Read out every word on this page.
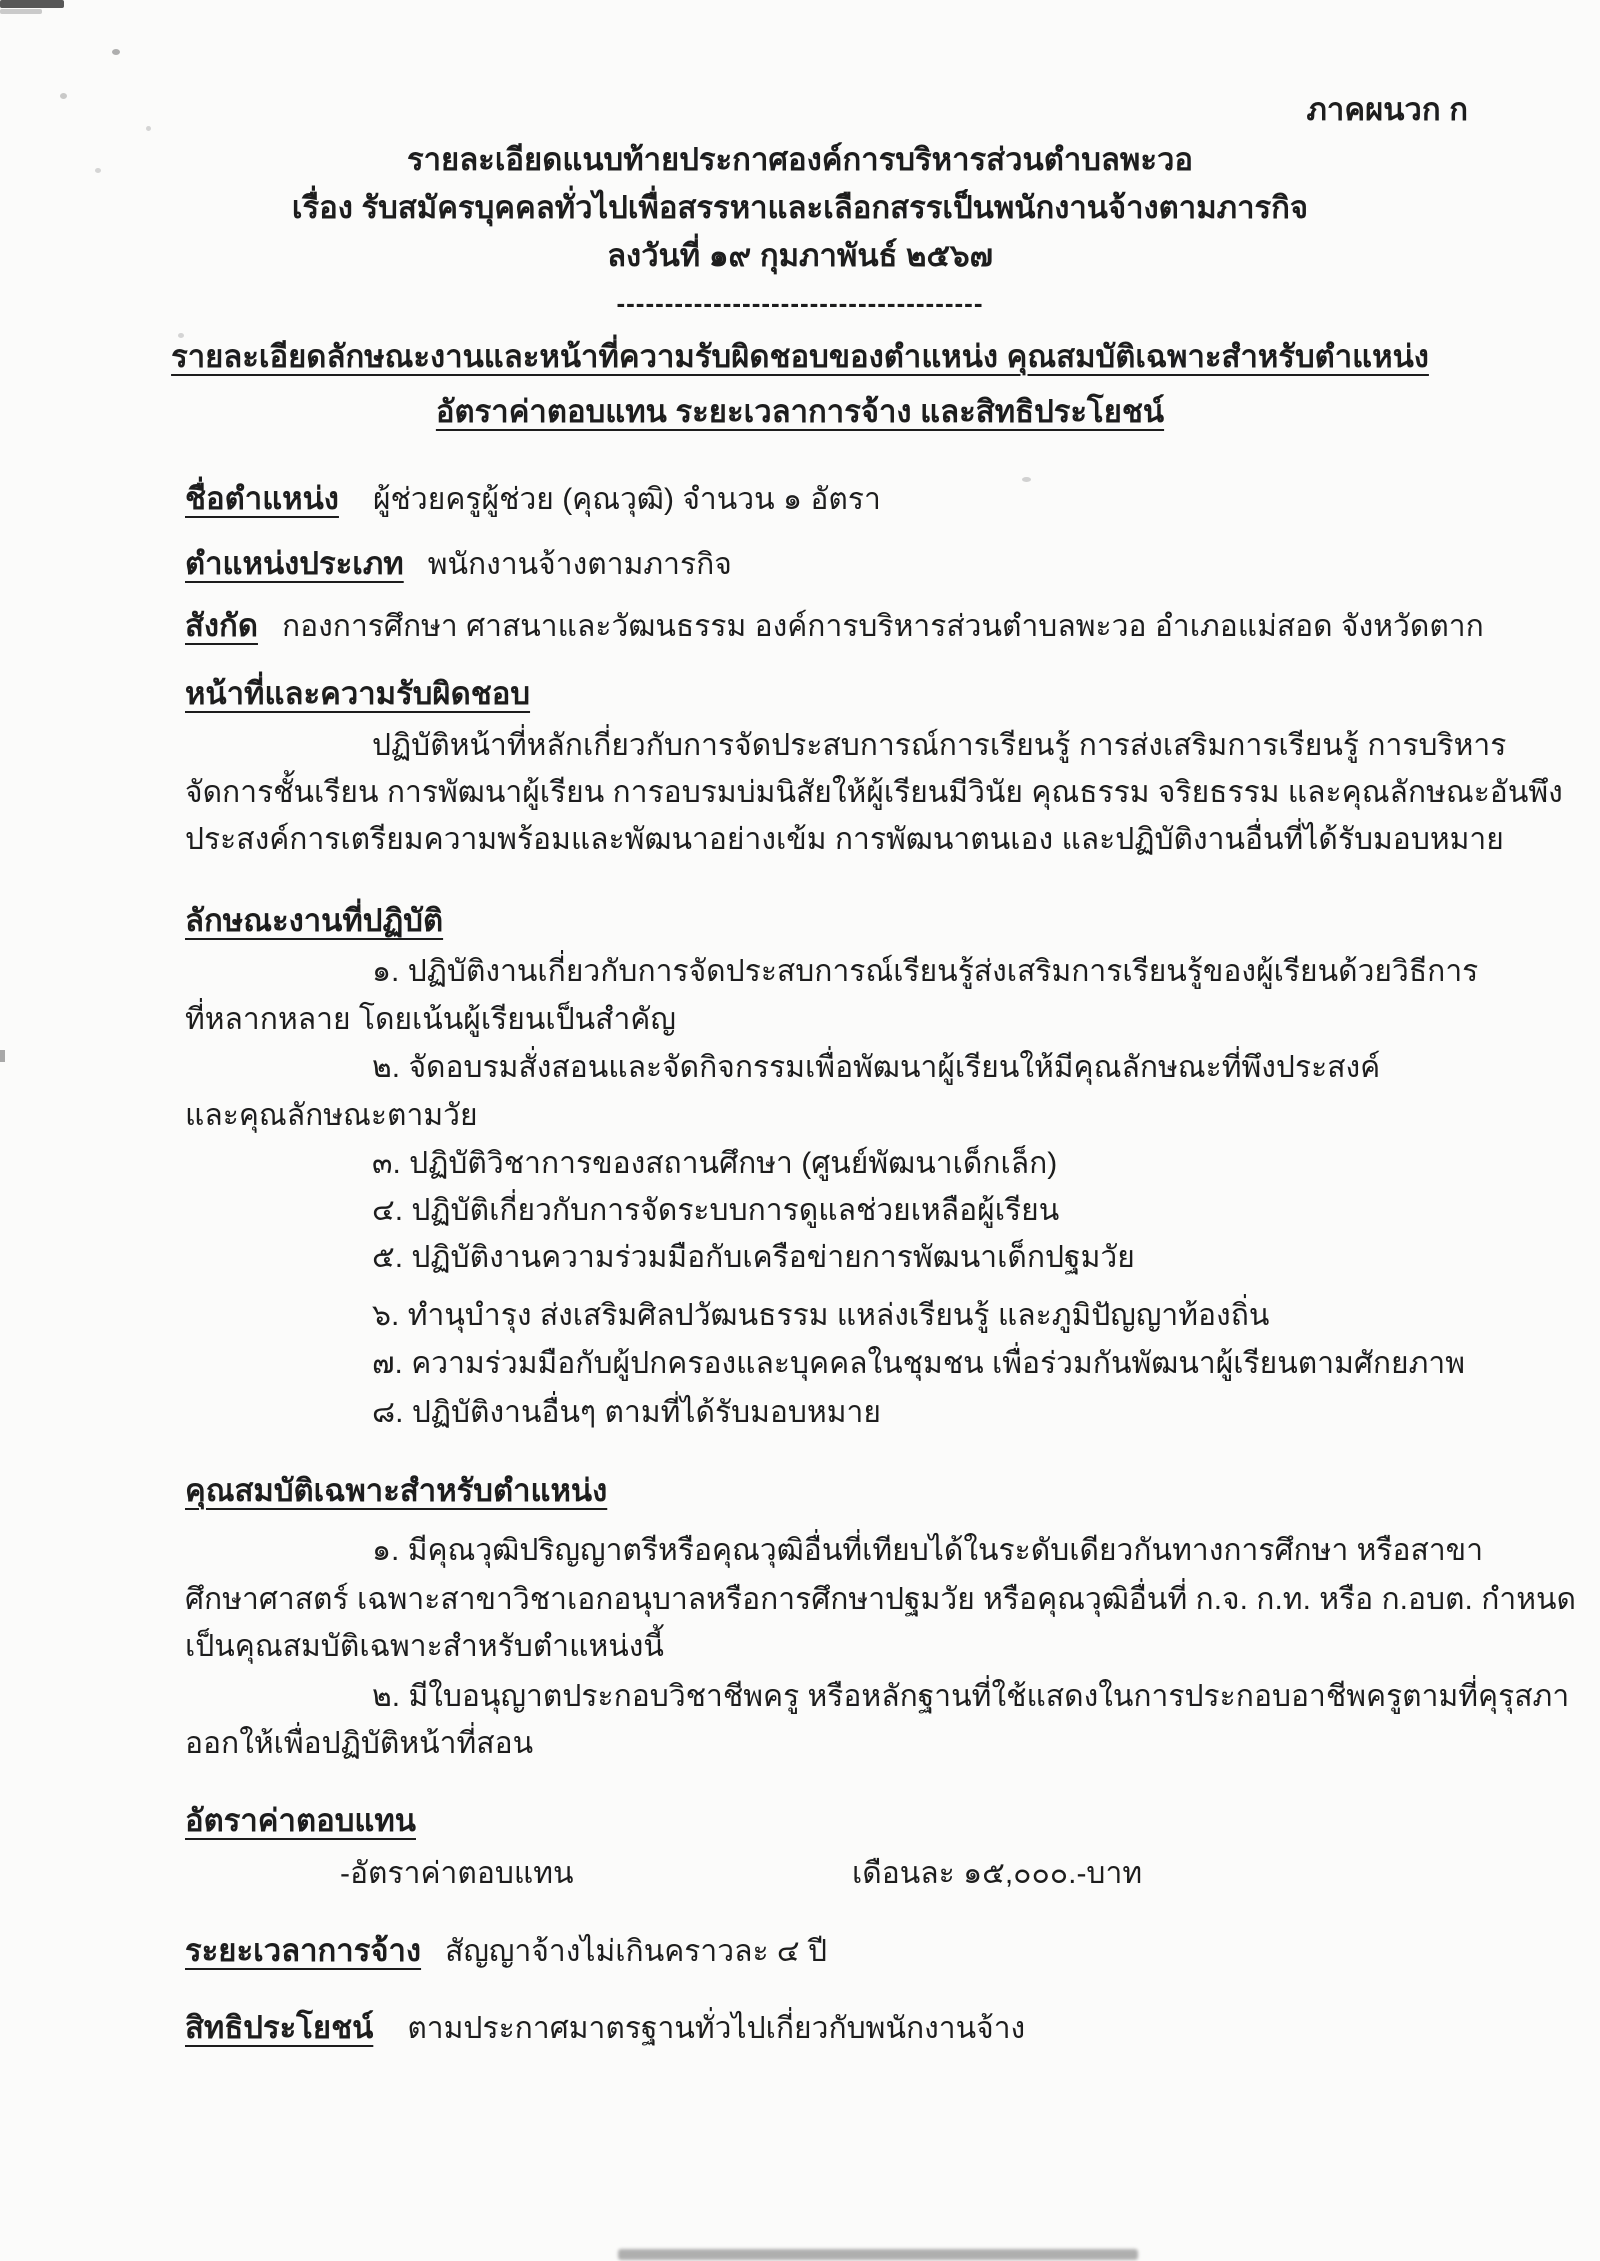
ภาคผนวก ก
รายละเอียดแนบท้ายประกาศองค์การบริหารส่วนตำบลพะวอ
เรื่อง รับสมัครบุคคลทั่วไปเพื่อสรรหาและเลือกสรรเป็นพนักงานจ้างตามภารกิจ
ลงวันที่ ๑๙ กุมภาพันธ์ ๒๕๖๗
--------------------------------------
รายละเอียดลักษณะงานและหน้าที่ความรับผิดชอบของตำแหน่ง คุณสมบัติเฉพาะสำหรับตำแหน่ง
อัตราค่าตอบแทน ระยะเวลาการจ้าง และสิทธิประโยชน์
ชื่อตำแหน่ง ผู้ช่วยครูผู้ช่วย (คุณวุฒิ) จำนวน ๑ อัตรา
ตำแหน่งประเภท พนักงานจ้างตามภารกิจ
สังกัด กองการศึกษา ศาสนาและวัฒนธรรม องค์การบริหารส่วนตำบลพะวอ อำเภอแม่สอด จังหวัดตาก
หน้าที่และความรับผิดชอบ
ปฏิบัติหน้าที่หลักเกี่ยวกับการจัดประสบการณ์การเรียนรู้ การส่งเสริมการเรียนรู้ การบริหาร
จัดการชั้นเรียน การพัฒนาผู้เรียน การอบรมบ่มนิสัยให้ผู้เรียนมีวินัย คุณธรรม จริยธรรม และคุณลักษณะอันพึง
ประสงค์การเตรียมความพร้อมและพัฒนาอย่างเข้ม การพัฒนาตนเอง และปฏิบัติงานอื่นที่ได้รับมอบหมาย
ลักษณะงานที่ปฏิบัติ
๑. ปฏิบัติงานเกี่ยวกับการจัดประสบการณ์เรียนรู้ส่งเสริมการเรียนรู้ของผู้เรียนด้วยวิธีการ
ที่หลากหลาย โดยเน้นผู้เรียนเป็นสำคัญ
๒. จัดอบรมสั่งสอนและจัดกิจกรรมเพื่อพัฒนาผู้เรียนให้มีคุณลักษณะที่พึงประสงค์
และคุณลักษณะตามวัย
๓. ปฏิบัติวิชาการของสถานศึกษา (ศูนย์พัฒนาเด็กเล็ก)
๔. ปฏิบัติเกี่ยวกับการจัดระบบการดูแลช่วยเหลือผู้เรียน
๕. ปฏิบัติงานความร่วมมือกับเครือข่ายการพัฒนาเด็กปฐมวัย
๖. ทำนุบำรุง ส่งเสริมศิลปวัฒนธรรม แหล่งเรียนรู้ และภูมิปัญญาท้องถิ่น
๗. ความร่วมมือกับผู้ปกครองและบุคคลในชุมชน เพื่อร่วมกันพัฒนาผู้เรียนตามศักยภาพ
๘. ปฏิบัติงานอื่นๆ ตามที่ได้รับมอบหมาย
คุณสมบัติเฉพาะสำหรับตำแหน่ง
๑. มีคุณวุฒิปริญญาตรีหรือคุณวุฒิอื่นที่เทียบได้ในระดับเดียวกันทางการศึกษา หรือสาขา
ศึกษาศาสตร์ เฉพาะสาขาวิชาเอกอนุบาลหรือการศึกษาปฐมวัย หรือคุณวุฒิอื่นที่ ก.จ. ก.ท. หรือ ก.อบต. กำหนด
เป็นคุณสมบัติเฉพาะสำหรับตำแหน่งนี้
๒. มีใบอนุญาตประกอบวิชาชีพครู หรือหลักฐานที่ใช้แสดงในการประกอบอาชีพครูตามที่คุรุสภา
ออกให้เพื่อปฏิบัติหน้าที่สอน
อัตราค่าตอบแทน
-อัตราค่าตอบแทน	เดือนละ ๑๕,๐๐๐.-บาท
ระยะเวลาการจ้าง สัญญาจ้างไม่เกินคราวละ ๔ ปี
สิทธิประโยชน์ ตามประกาศมาตรฐานทั่วไปเกี่ยวกับพนักงานจ้าง
